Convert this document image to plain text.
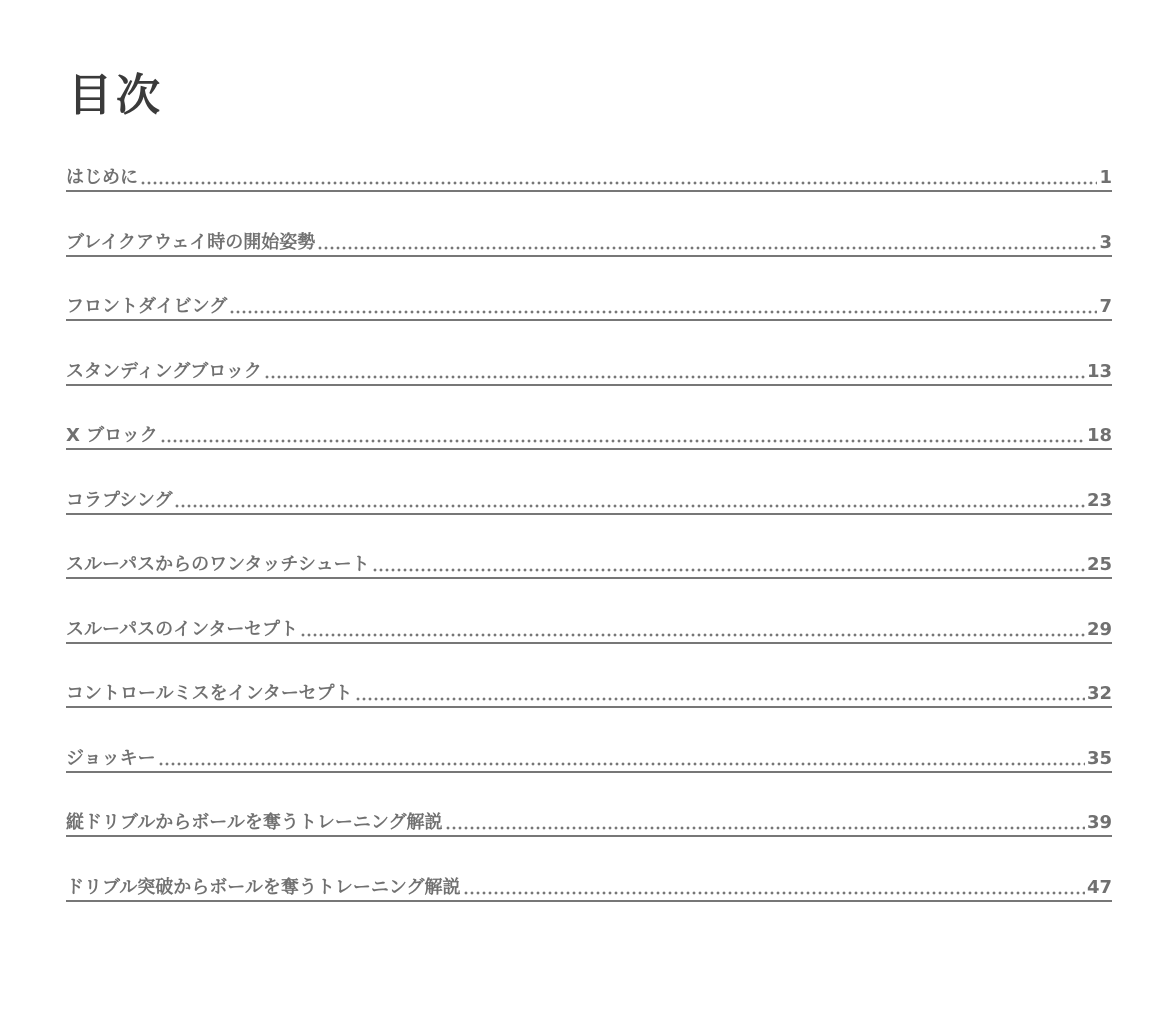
目次
はじめに	1
ブレイクアウェイ時の開始姿勢	3
フロントダイビング	7
スタンディングブロック	13
X ブロック	18
コラプシング	23
スルーパスからのワンタッチシュート	25
スルーパスのインターセプト	29
コントロールミスをインターセプト	32
ジョッキー	35
縦ドリブルからボールを奪うトレーニング解説	39
ドリブル突破からボールを奪うトレーニング解説	47
